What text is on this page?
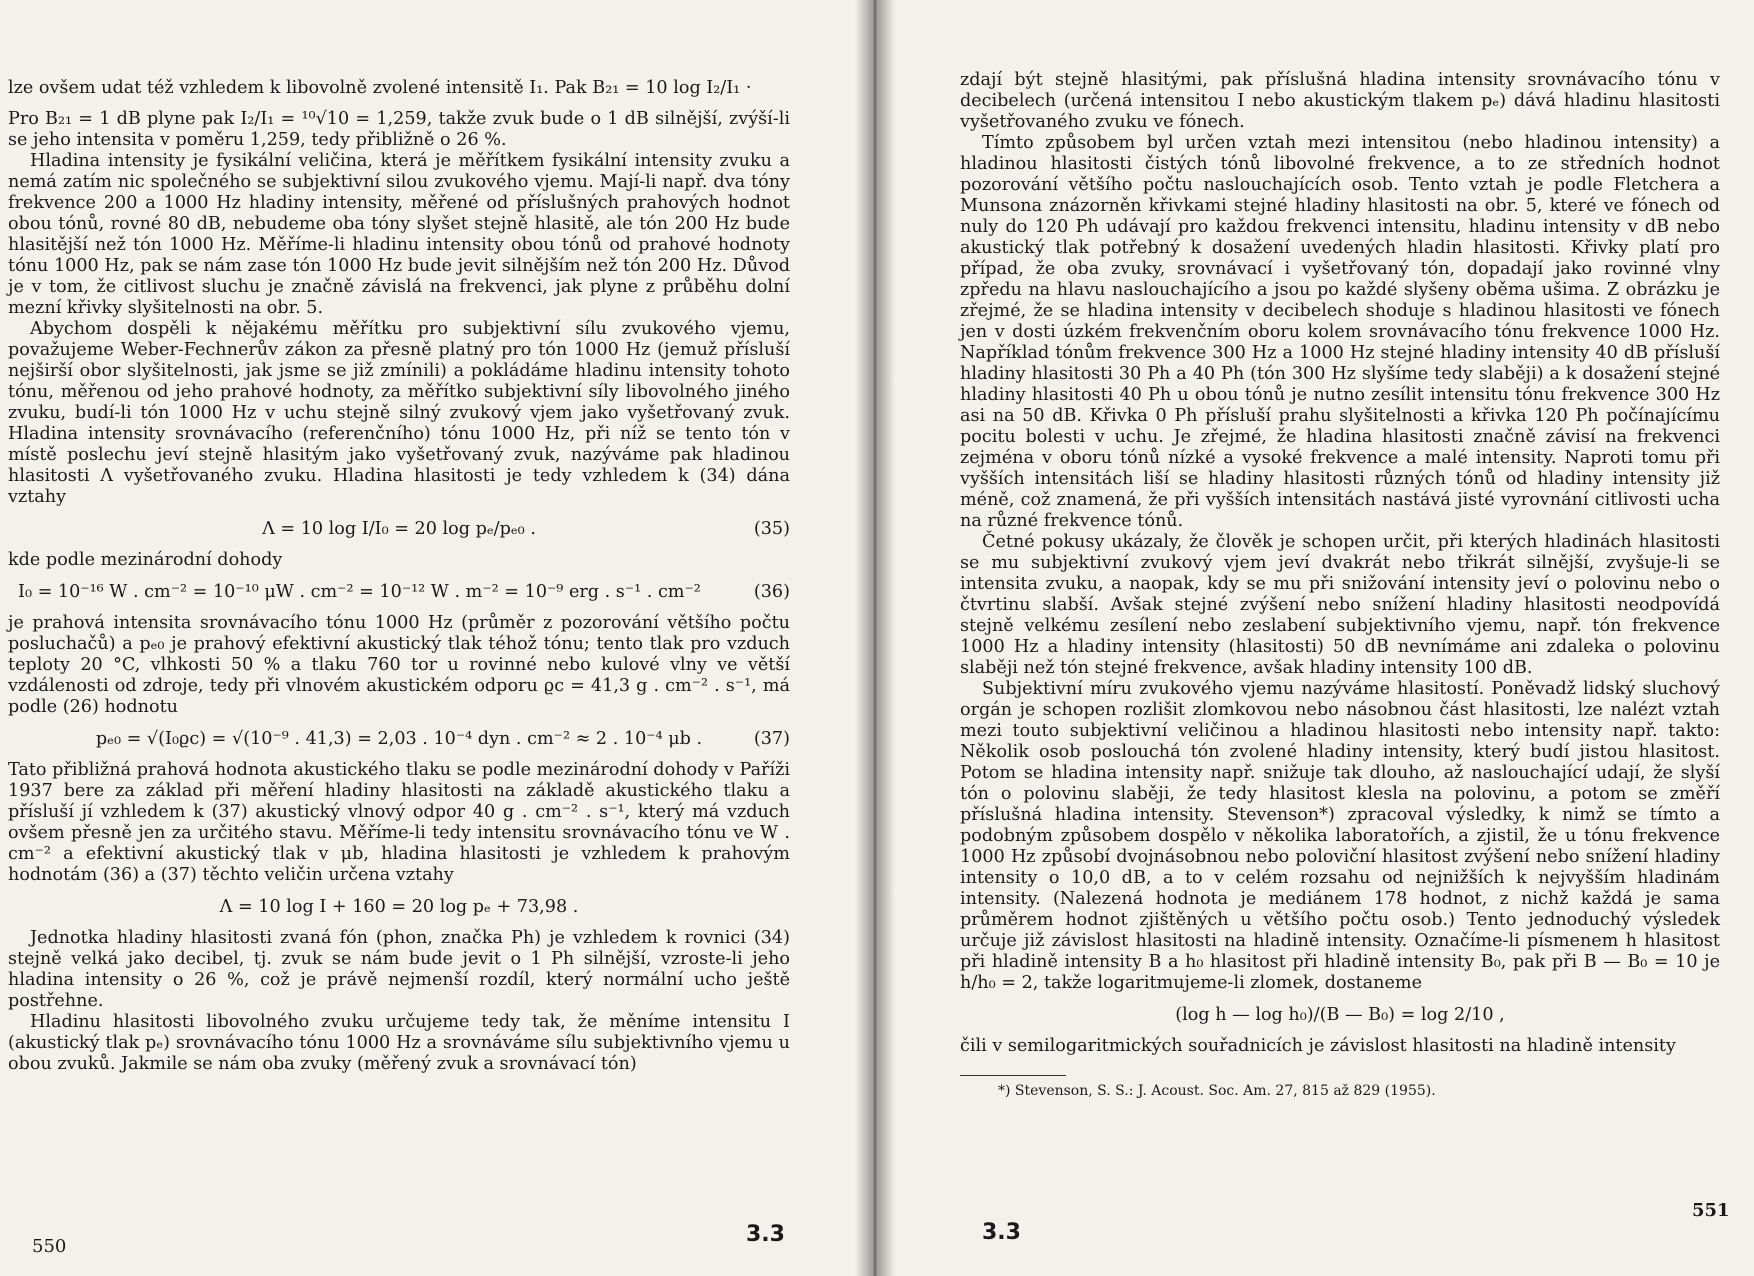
lze ovšem udat též vzhledem k libovolně zvolené intensitě I₁. Pak B₂₁ = 10 log I₂/I₁ ·

Pro B₂₁ = 1 dB plyne pak I₂/I₁ = ¹⁰√10 = 1,259, takže zvuk bude o 1 dB silnější, zvýší-li se jeho intensita v poměru 1,259, tedy přibližně o 26 %.

Hladina intensity je fysikální veličina, která je měřítkem fysikální intensity zvuku a nemá zatím nic společného se subjektivní silou zvukového vjemu. Mají-li např. dva tóny frekvence 200 a 1000 Hz hladiny intensity, měřené od příslušných prahových hodnot obou tónů, rovné 80 dB, nebudeme oba tóny slyšet stejně hlasitě, ale tón 200 Hz bude hlasitější než tón 1000 Hz. Měříme-li hladinu intensity obou tónů od prahové hodnoty tónu 1000 Hz, pak se nám zase tón 1000 Hz bude jevit silnějším než tón 200 Hz. Důvod je v tom, že citlivost sluchu je značně závislá na frekvenci, jak plyne z průběhu dolní mezní křivky slyšitelnosti na obr. 5.

Abychom dospěli k nějakému měřítku pro subjektivní sílu zvukového vjemu, považujeme Weber-Fechnerův zákon za přesně platný pro tón 1000 Hz (jemuž přísluší nejširší obor slyšitelnosti, jak jsme se již zmínili) a pokládáme hladinu intensity tohoto tónu, měřenou od jeho prahové hodnoty, za měřítko subjektivní síly libovolného jiného zvuku, budí-li tón 1000 Hz v uchu stejně silný zvukový vjem jako vyšetřovaný zvuk. Hladina intensity srovnávacího (referenčního) tónu 1000 Hz, při níž se tento tón v místě poslechu jeví stejně hlasitým jako vyšetřovaný zvuk, nazýváme pak hladinou hlasitosti Λ vyšetřovaného zvuku. Hladina hlasitosti je tedy vzhledem k (34) dána vztahy

Λ = 10 log I/I₀ = 20 log pₑ/pₑ₀ .	(35)

kde podle mezinárodní dohody

I₀ = 10⁻¹⁶ W . cm⁻² = 10⁻¹⁰ μW . cm⁻² = 10⁻¹² W . m⁻² = 10⁻⁹ erg . s⁻¹ . cm⁻²	(36)

je prahová intensita srovnávacího tónu 1000 Hz (průměr z pozorování většího počtu posluchačů) a pₑ₀ je prahový efektivní akustický tlak téhož tónu; tento tlak pro vzduch teploty 20 °C, vlhkosti 50 % a tlaku 760 tor u rovinné nebo kulové vlny ve větší vzdálenosti od zdroje, tedy při vlnovém akustickém odporu ϱc = 41,3 g . cm⁻² . s⁻¹, má podle (26) hodnotu

pₑ₀ = √(I₀ϱc) = √(10⁻⁹ . 41,3) = 2,03 . 10⁻⁴ dyn . cm⁻² ≈ 2 . 10⁻⁴ μb .	(37)

Tato přibližná prahová hodnota akustického tlaku se podle mezinárodní dohody v Paříži 1937 bere za základ při měření hladiny hlasitosti na základě akustického tlaku a přísluší jí vzhledem k (37) akustický vlnový odpor 40 g . cm⁻² . s⁻¹, který má vzduch ovšem přesně jen za určitého stavu. Měříme-li tedy intensitu srovnávacího tónu ve W . cm⁻² a efektivní akustický tlak v μb, hladina hlasitosti je vzhledem k prahovým hodnotám (36) a (37) těchto veličin určena vztahy

Λ = 10 log I + 160 = 20 log pₑ + 73,98 .

Jednotka hladiny hlasitosti zvaná fón (phon, značka Ph) je vzhledem k rovnici (34) stejně velká jako decibel, tj. zvuk se nám bude jevit o 1 Ph silnější, vzroste-li jeho hladina intensity o 26 %, což je právě nejmenší rozdíl, který normální ucho ještě postřehne.

Hladinu hlasitosti libovolného zvuku určujeme tedy tak, že měníme intensitu I (akustický tlak pₑ) srovnávacího tónu 1000 Hz a srovnáváme sílu subjektivního vjemu u obou zvuků. Jakmile se nám oba zvuky (měřený zvuk a srovnávací tón)

550	3.3

zdají být stejně hlasitými, pak příslušná hladina intensity srovnávacího tónu v decibelech (určená intensitou I nebo akustickým tlakem pₑ) dává hladinu hlasitosti vyšetřovaného zvuku ve fónech.

Tímto způsobem byl určen vztah mezi intensitou (nebo hladinou intensity) a hladinou hlasitosti čistých tónů libovolné frekvence, a to ze středních hodnot pozorování většího počtu naslouchajících osob. Tento vztah je podle Fletchera a Munsona znázorněn křivkami stejné hladiny hlasitosti na obr. 5, které ve fónech od nuly do 120 Ph udávají pro každou frekvenci intensitu, hladinu intensity v dB nebo akustický tlak potřebný k dosažení uvedených hladin hlasitosti. Křivky platí pro případ, že oba zvuky, srovnávací i vyšetřovaný tón, dopadají jako rovinné vlny zpředu na hlavu naslouchajícího a jsou po každé slyšeny oběma ušima. Z obrázku je zřejmé, že se hladina intensity v decibelech shoduje s hladinou hlasitosti ve fónech jen v dosti úzkém frekvenčním oboru kolem srovnávacího tónu frekvence 1000 Hz. Například tónům frekvence 300 Hz a 1000 Hz stejné hladiny intensity 40 dB přísluší hladiny hlasitosti 30 Ph a 40 Ph (tón 300 Hz slyšíme tedy slaběji) a k dosažení stejné hladiny hlasitosti 40 Ph u obou tónů je nutno zesílit intensitu tónu frekvence 300 Hz asi na 50 dB. Křivka 0 Ph přísluší prahu slyšitelnosti a křivka 120 Ph počínajícímu pocitu bolesti v uchu. Je zřejmé, že hladina hlasitosti značně závisí na frekvenci zejména v oboru tónů nízké a vysoké frekvence a malé intensity. Naproti tomu při vyšších intensitách liší se hladiny hlasitosti různých tónů od hladiny intensity již méně, což znamená, že při vyšších intensitách nastává jisté vyrovnání citlivosti ucha na různé frekvence tónů.

Četné pokusy ukázaly, že člověk je schopen určit, při kterých hladinách hlasitosti se mu subjektivní zvukový vjem jeví dvakrát nebo třikrát silnější, zvyšuje-li se intensita zvuku, a naopak, kdy se mu při snižování intensity jeví o polovinu nebo o čtvrtinu slabší. Avšak stejné zvýšení nebo snížení hladiny hlasitosti neodpovídá stejně velkému zesílení nebo zeslabení subjektivního vjemu, např. tón frekvence 1000 Hz a hladiny intensity (hlasitosti) 50 dB nevnímáme ani zdaleka o polovinu slaběji než tón stejné frekvence, avšak hladiny intensity 100 dB.

Subjektivní míru zvukového vjemu nazýváme hlasitostí. Poněvadž lidský sluchový orgán je schopen rozlišit zlomkovou nebo násobnou část hlasitosti, lze nalézt vztah mezi touto subjektivní veličinou a hladinou hlasitosti nebo intensity např. takto: Několik osob poslouchá tón zvolené hladiny intensity, který budí jistou hlasitost. Potom se hladina intensity např. snižuje tak dlouho, až naslouchající udají, že slyší tón o polovinu slaběji, že tedy hlasitost klesla na polovinu, a potom se změří příslušná hladina intensity. Stevenson*) zpracoval výsledky, k nimž se tímto a podobným způsobem dospělo v několika laboratořích, a zjistil, že u tónu frekvence 1000 Hz způsobí dvojnásobnou nebo poloviční hlasitost zvýšení nebo snížení hladiny intensity o 10,0 dB, a to v celém rozsahu od nejnižších k nejvyšším hladinám intensity. (Nalezená hodnota je mediánem 178 hodnot, z nichž každá je sama průměrem hodnot zjištěných u většího počtu osob.) Tento jednoduchý výsledek určuje již závislost hlasitosti na hladině intensity. Označíme-li písmenem h hlasitost při hladině intensity B a h₀ hlasitost při hladině intensity B₀, pak při B — B₀ = 10 je h/h₀ = 2, takže logaritmujeme-li zlomek, dostaneme

(log h — log h₀)/(B — B₀) = log 2/10 ,

čili v semilogaritmických souřadnicích je závislost hlasitosti na hladině intensity

*) Stevenson, S. S.: J. Acoust. Soc. Am. 27, 815 až 829 (1955).
3.3
551
